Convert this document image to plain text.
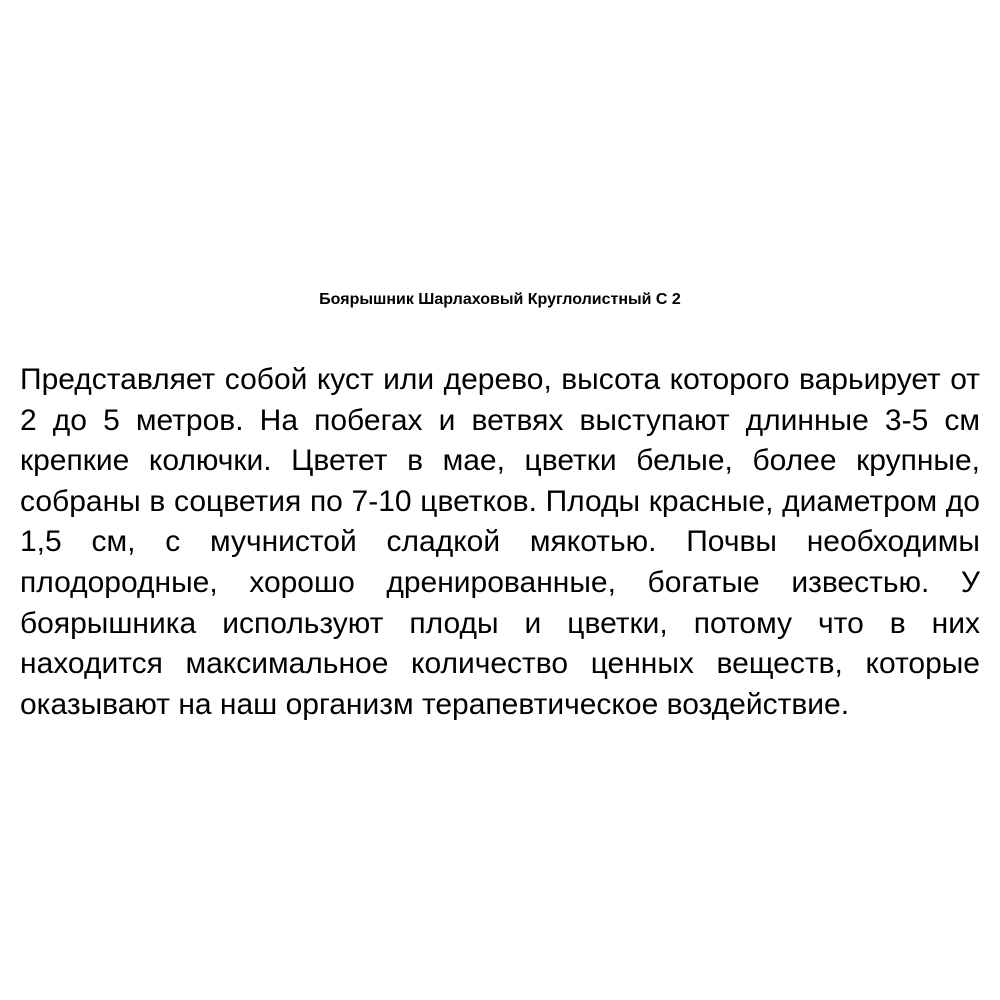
Боярышник Шарлаховый Круглолистный С 2
Представляет собой куст или дерево, высота которого варьирует от
2 до 5 метров. На побегах и ветвях выступают длинные 3-5 см
крепкие колючки. Цветет в мае, цветки белые, более крупные,
собраны в соцветия по 7-10 цветков. Плоды красные, диаметром до
1,5 см, с мучнистой сладкой мякотью. Почвы необходимы
плодородные, хорошо дренированные, богатые известью. У
боярышника используют плоды и цветки, потому что в них
находится максимальное количество ценных веществ, которые
оказывают на наш организм терапевтическое воздействие.
